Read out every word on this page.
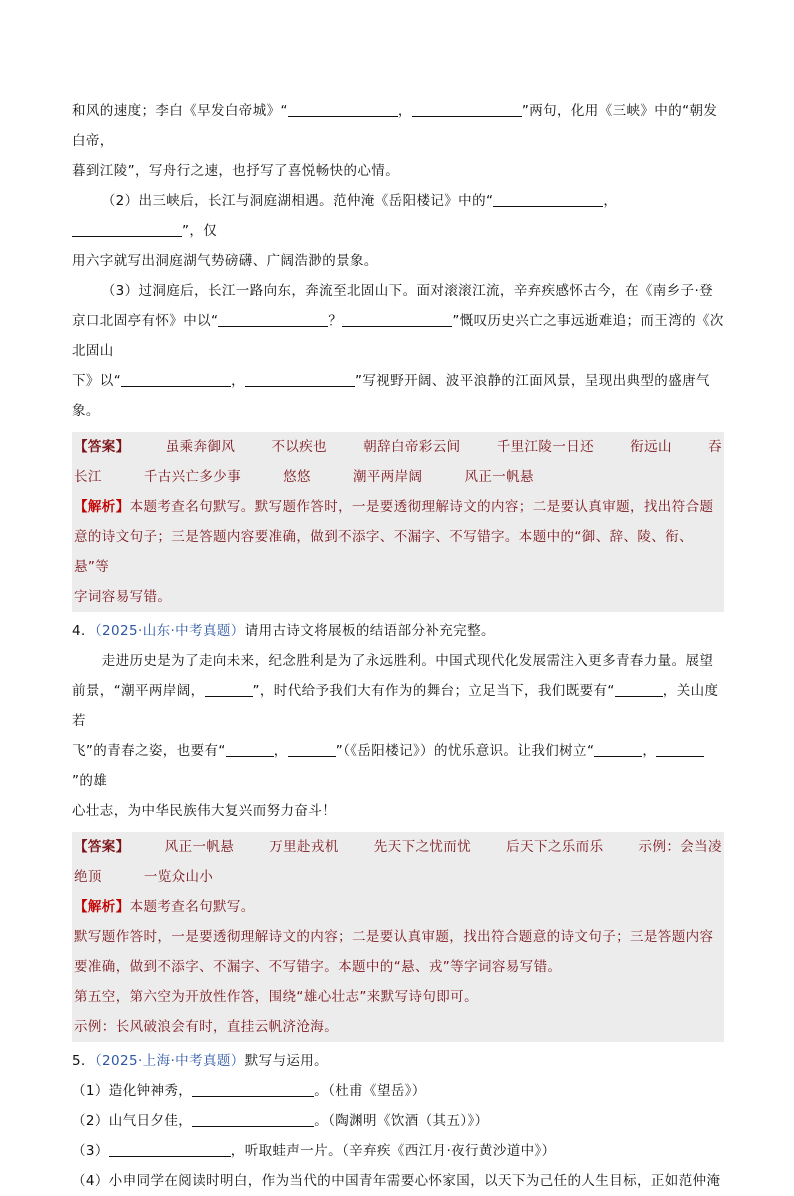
和风的速度；李白《早发白帝城》“	，	”两句，化用《三峡》中的“朝发白帝，

暮到江陵”，写舟行之速，也抒写了喜悦畅快的心情。

（2）出三峡后，长江与洞庭湖相遇。范仲淹《岳阳楼记》中的“	，”，仅

用六字就写出洞庭湖气势磅礴、广阔浩渺的景象。

（3）过洞庭后，长江一路向东，奔流至北固山下。面对滚滚江流，辛弃疾感怀古今，在《南乡子·登

京口北固亭有怀》中以“	？	”慨叹历史兴亡之事远逝难追；而王湾的《次北固山

下》以“	，	”写视野开阔、波平浪静的江面风景，呈现出典型的盛唐气象。

【答案】	虽乘奔御风	不以疾也	朝辞白帝彩云间	千里江陵一日还	衔远山	吞

长江	千古兴亡多少事	悠悠	潮平两岸阔	风正一帆悬

【解析】本题考查名句默写。默写题作答时，一是要透彻理解诗文的内容；二是要认真审题，找出符合题

意的诗文句子；三是答题内容要准确，做到不添字、不漏字、不写错字。本题中的“御、辞、陵、衔、悬”等

字词容易写错。

4．（2025·山东·中考真题）请用古诗文将展板的结语部分补充完整。

走进历史是为了走向未来，纪念胜利是为了永远胜利。中国式现代化发展需注入更多青春力量。展望

前景，“潮平两岸阔，	”，时代给予我们大有作为的舞台；立足当下，我们既要有“	，关山度若

飞”的青春之姿，也要有“	，	”（《岳阳楼记》）的忧乐意识。让我们树立“	，”的雄

心壮志，为中华民族伟大复兴而努力奋斗！

【答案】	风正一帆悬	万里赴戎机	先天下之忧而忧	后天下之乐而乐	示例：会当凌

绝顶	一览众山小

【解析】本题考查名句默写。

默写题作答时，一是要透彻理解诗文的内容；二是要认真审题，找出符合题意的诗文句子；三是答题内容

要准确，做到不添字、不漏字、不写错字。本题中的“悬、戎”等字词容易写错。

第五空，第六空为开放性作答，围绕“雄心壮志”来默写诗句即可。

示例：长风破浪会有时，直挂云帆济沧海。

5．（2025·上海·中考真题）默写与运用。

（1）造化钟神秀，	。（杜甫《望岳》）

（2）山气日夕佳，	。（陶渊明《饮酒（其五）》）

（3）	，听取蛙声一片。（辛弃疾《西江月·夜行黄沙道中》）

（4）小申同学在阅读时明白，作为当代的中国青年需要心怀家国，以天下为己任的人生目标，正如范仲淹
